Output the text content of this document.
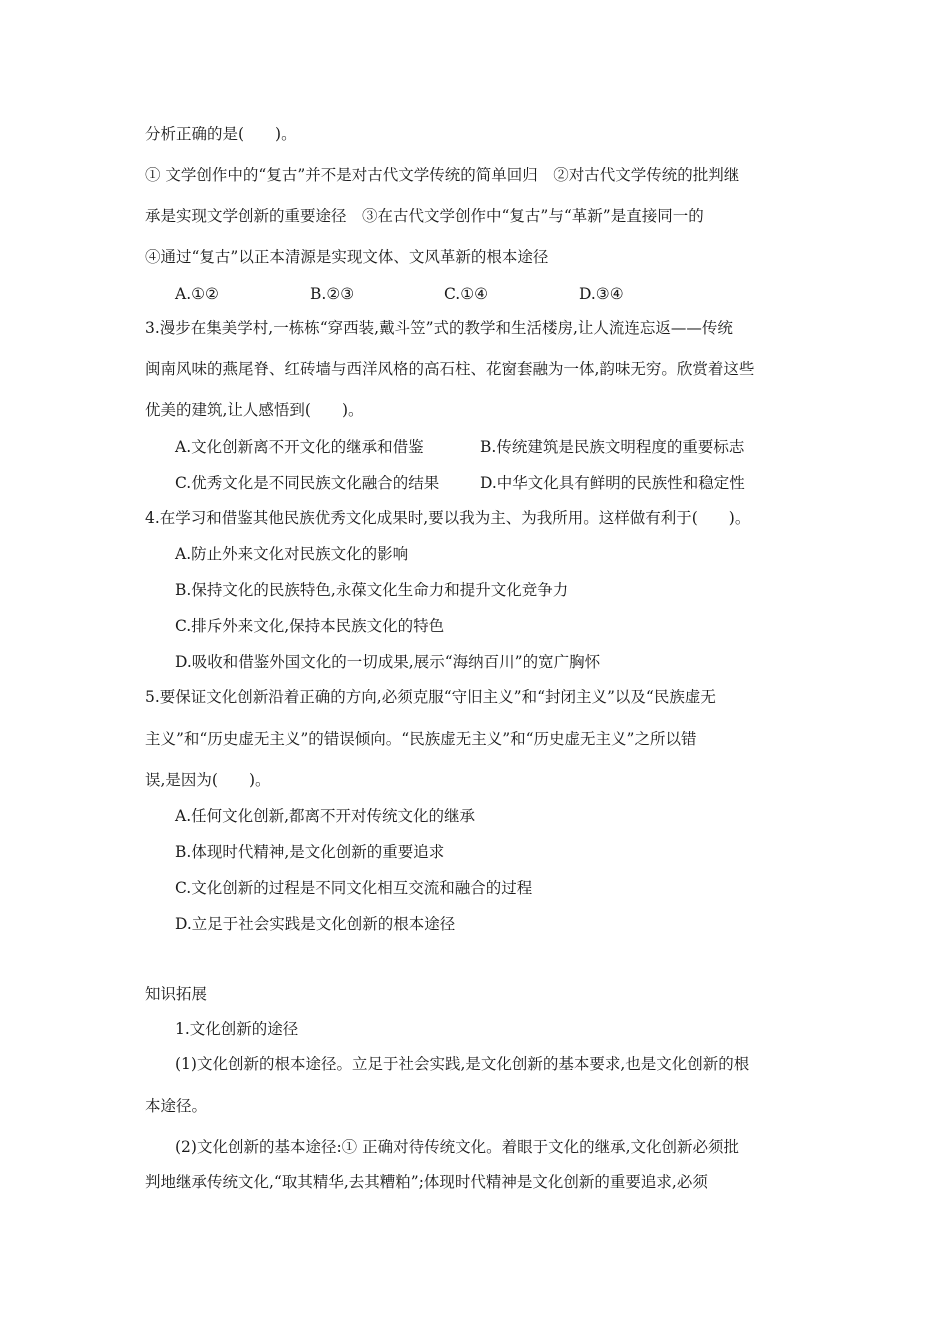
分析正确的是(　　)。
① 文学创作中的“复古”并不是对古代文学传统的简单回归　②对古代文学传统的批判继
承是实现文学创新的重要途径　③在古代文学创作中“复古”与“革新”是直接同一的
④通过“复古”以正本清源是实现文体、文风革新的根本途径
A.①②	B.②③	C.①④	D.③④
3.漫步在集美学村,一栋栋“穿西装,戴斗笠”式的教学和生活楼房,让人流连忘返——传统
闽南风味的燕尾脊、红砖墙与西洋风格的高石柱、花窗套融为一体,韵味无穷。欣赏着这些
优美的建筑,让人感悟到(　　)。
A.文化创新离不开文化的继承和借鉴	B.传统建筑是民族文明程度的重要标志
C.优秀文化是不同民族文化融合的结果	D.中华文化具有鲜明的民族性和稳定性
4.在学习和借鉴其他民族优秀文化成果时,要以我为主、为我所用。这样做有利于(　　)。
A.防止外来文化对民族文化的影响
B.保持文化的民族特色,永葆文化生命力和提升文化竞争力
C.排斥外来文化,保持本民族文化的特色
D.吸收和借鉴外国文化的一切成果,展示“海纳百川”的宽广胸怀
5.要保证文化创新沿着正确的方向,必须克服“守旧主义”和“封闭主义”以及“民族虚无
主义”和“历史虚无主义”的错误倾向。“民族虚无主义”和“历史虚无主义”之所以错
误,是因为(　　)。
A.任何文化创新,都离不开对传统文化的继承
B.体现时代精神,是文化创新的重要追求
C.文化创新的过程是不同文化相互交流和融合的过程
D.立足于社会实践是文化创新的根本途径
知识拓展
1.文化创新的途径
(1)文化创新的根本途径。立足于社会实践,是文化创新的基本要求,也是文化创新的根
本途径。
(2)文化创新的基本途径:① 正确对待传统文化。着眼于文化的继承,文化创新必须批
判地继承传统文化,“取其精华,去其糟粕”;体现时代精神是文化创新的重要追求,必须
